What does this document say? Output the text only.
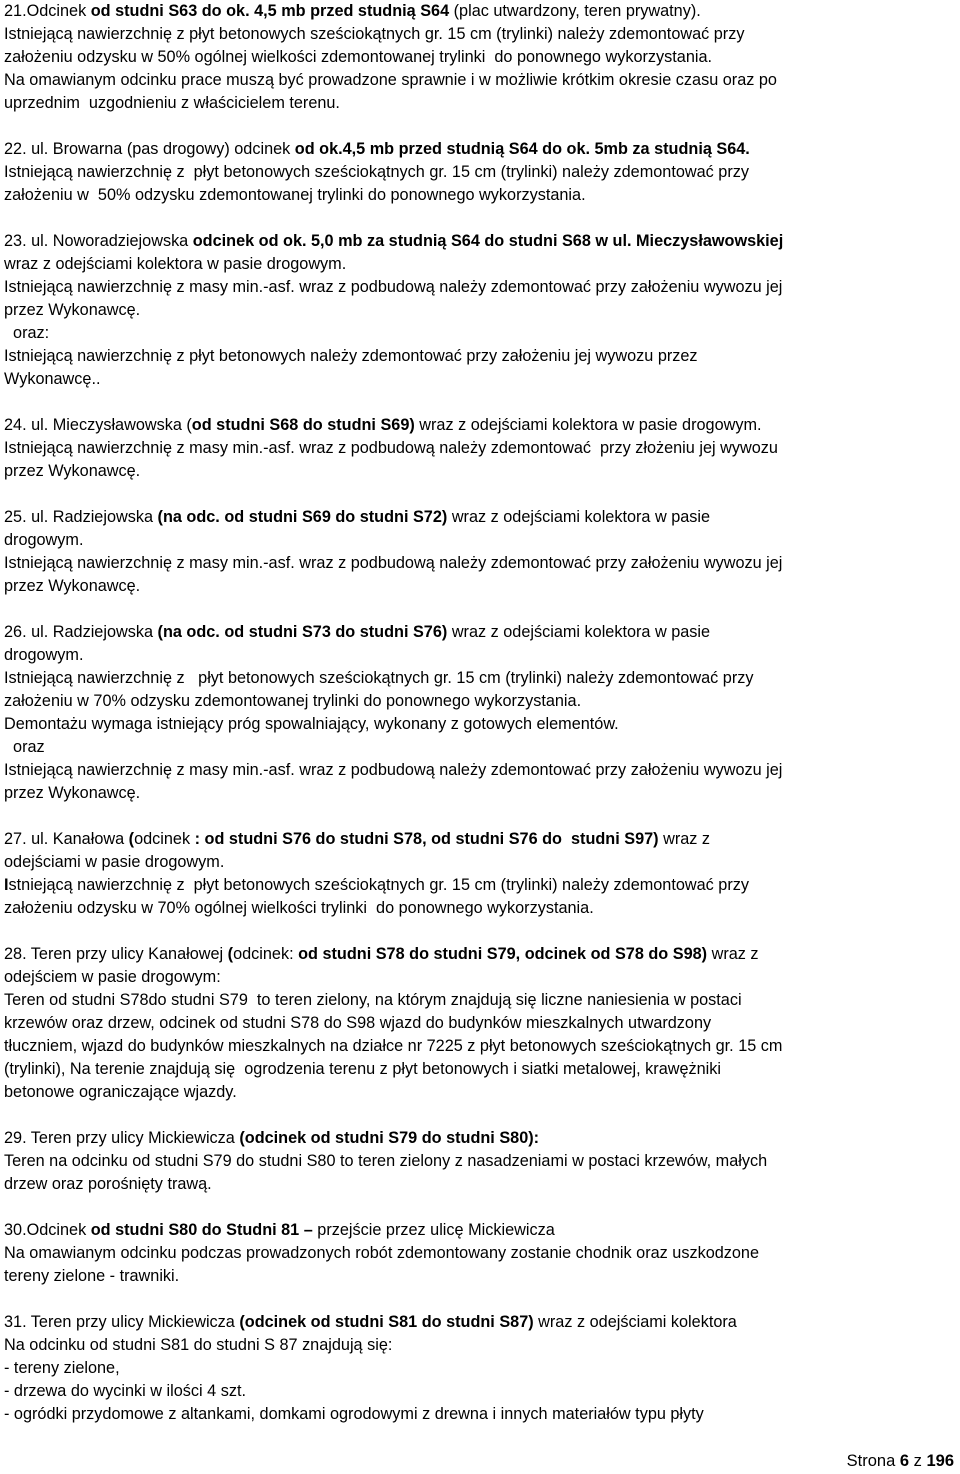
21.Odcinek od studni S63 do ok. 4,5 mb przed studnią S64 (plac utwardzony, teren prywatny).
Istniejącą nawierzchnię z płyt betonowych sześciokątnych gr. 15 cm (trylinki) należy zdemontować przy
założeniu odzysku w 50% ogólnej wielkości zdemontowanej trylinki  do ponownego wykorzystania.
Na omawianym odcinku prace muszą być prowadzone sprawnie i w możliwie krótkim okresie czasu oraz po
uprzednim  uzgodnieniu z właścicielem terenu.
22. ul. Browarna (pas drogowy) odcinek od ok.4,5 mb przed studnią S64 do ok. 5mb za studnią S64.
Istniejącą nawierzchnię z  płyt betonowych sześciokątnych gr. 15 cm (trylinki) należy zdemontować przy
założeniu w  50% odzysku zdemontowanej trylinki do ponownego wykorzystania.
23. ul. Noworadziejowska odcinek od ok. 5,0 mb za studnią S64 do studni S68 w ul. Mieczysławowskiej
wraz z odejściami kolektora w pasie drogowym.
Istniejącą nawierzchnię z masy min.-asf. wraz z podbudową należy zdemontować przy założeniu wywozu jej
przez Wykonawcę.
oraz:
Istniejącą nawierzchnię z płyt betonowych należy zdemontować przy założeniu jej wywozu przez
Wykonawcę..
24. ul. Mieczysławowska (od studni S68 do studni S69) wraz z odejściami kolektora w pasie drogowym.
Istniejącą nawierzchnię z masy min.-asf. wraz z podbudową należy zdemontować  przy złożeniu jej wywozu
przez Wykonawcę.
25. ul. Radziejowska (na odc. od studni S69 do studni S72) wraz z odejściami kolektora w pasie
drogowym.
Istniejącą nawierzchnię z masy min.-asf. wraz z podbudową należy zdemontować przy założeniu wywozu jej
przez Wykonawcę.
26. ul. Radziejowska (na odc. od studni S73 do studni S76) wraz z odejściami kolektora w pasie
drogowym.
Istniejącą nawierzchnię z   płyt betonowych sześciokątnych gr. 15 cm (trylinki) należy zdemontować przy
założeniu w 70% odzysku zdemontowanej trylinki do ponownego wykorzystania.
Demontażu wymaga istniejący próg spowalniający, wykonany z gotowych elementów.
oraz
Istniejącą nawierzchnię z masy min.-asf. wraz z podbudową należy zdemontować przy założeniu wywozu jej
przez Wykonawcę.
27. ul. Kanałowa (odcinek : od studni S76 do studni S78, od studni S76 do  studni S97) wraz z
odejściami w pasie drogowym.
Istniejącą nawierzchnię z  płyt betonowych sześciokątnych gr. 15 cm (trylinki) należy zdemontować przy
założeniu odzysku w 70% ogólnej wielkości trylinki  do ponownego wykorzystania.
28. Teren przy ulicy Kanałowej (odcinek: od studni S78 do studni S79, odcinek od S78 do S98) wraz z
odejściem w pasie drogowym:
Teren od studni S78do studni S79  to teren zielony, na którym znajdują się liczne naniesienia w postaci
krzewów oraz drzew, odcinek od studni S78 do S98 wjazd do budynków mieszkalnych utwardzony
tłucznie​m, wjazd do budynków mieszkalnych na działce nr 7225 z płyt betonowych sześciokątnych gr. 15 cm
(trylinki), Na terenie znajdują się  ogrodzenia terenu z płyt betonowych i siatki metalowej, krawężniki
betonowe ograniczające wjazdy.
29. Teren przy ulicy Mickiewicza (odcinek od studni S79 do studni S80):
Teren na odcinku od studni S79 do studni S80 to teren zielony z nasadzeniami w postaci krzewów, małych
drzew oraz porośnięty trawą.
30.Odcinek od studni S80 do Studni 81 – przejście przez ulicę Mickiewicza
Na omawianym odcinku podczas prowadzonych robót zdemontowany zostanie chodnik oraz uszkodzone
tereny zielone - trawniki.
31. Teren przy ulicy Mickiewicza (odcinek od studni S81 do studni S87) wraz z odejściami kolektora
Na odcinku od studni S81 do studni S 87 znajdują się:
- tereny zielone,
- drzewa do wycinki w ilości 4 szt.
- ogródki przydomowe z altankami, domkami ogrodowymi z drewna i innych materiałów typu płyty
Strona 6 z 196
